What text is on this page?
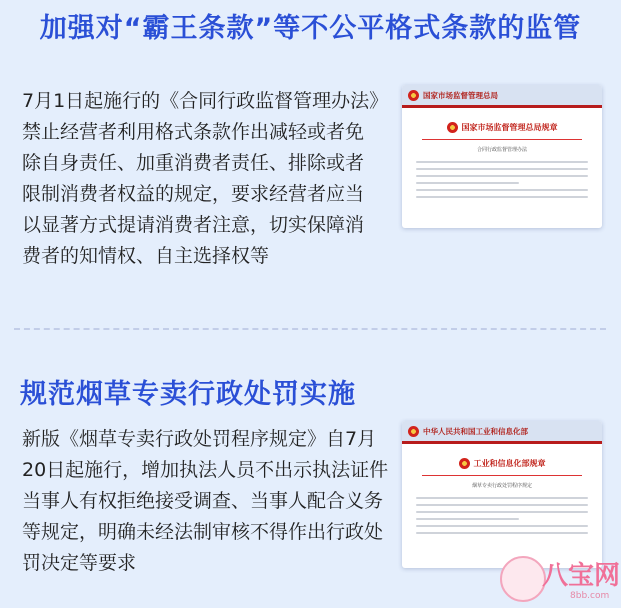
加强对“霸王条款”等不公平格式条款的监管

7月1日起施行的《合同行政监督管理办法》禁止经营者利用格式条款作出减轻或者免除自身责任、加重消费者责任、排除或者限制消费者权益的规定，要求经营者应当以显著方式提请消费者注意，切实保障消费者的知情权、自主选择权等

国家市场监督管理总局
国家市场监督管理总局规章
合同行政监督管理办法
规范烟草专卖行政处罚实施

新版《烟草专卖行政处罚程序规定》自7月20日起施行，增加执法人员不出示执法证件当事人有权拒绝接受调查、当事人配合义务等规定，明确未经法制审核不得作出行政处罚决定等要求

中华人民共和国工业和信息化部
工业和信息化部规章
烟草专卖行政处罚程序规定
八宝网
8bb.com
